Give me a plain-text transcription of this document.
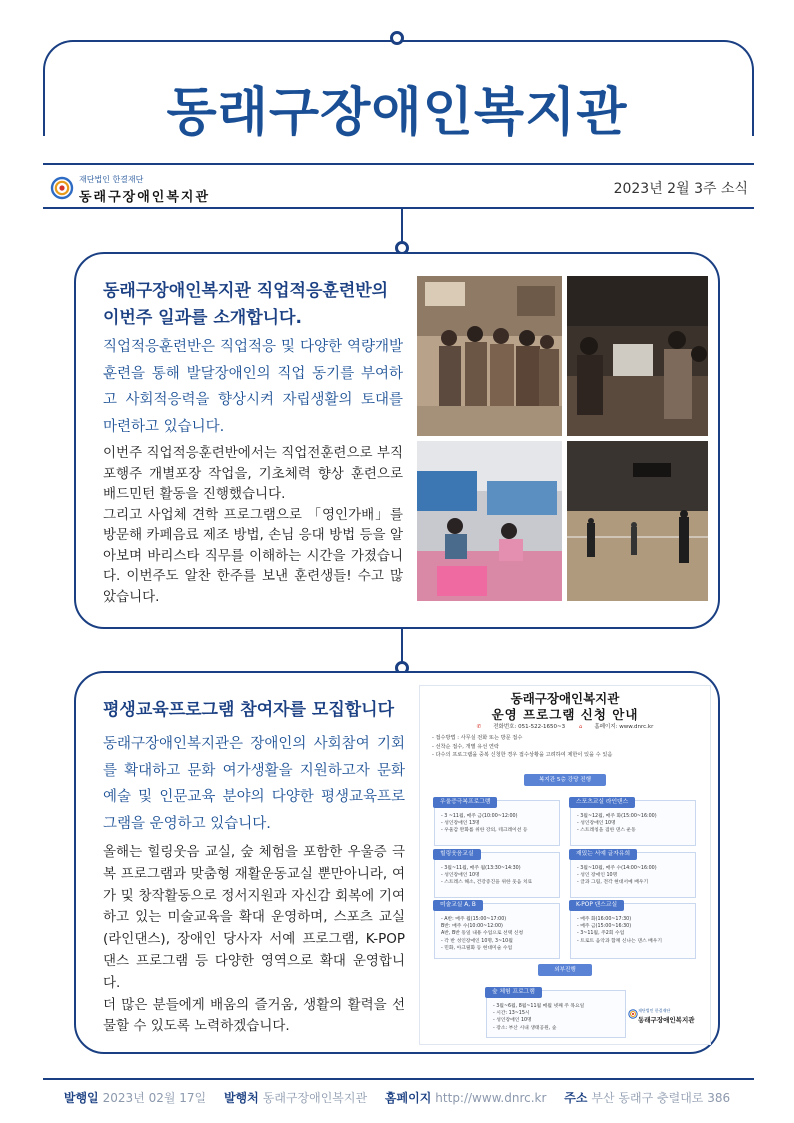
동래구장애인복지관
재단법인 한결재단
동래구장애인복지관
2023년 2월 3주 소식
동래구장애인복지관 직업적응훈련반의 이번주 일과를 소개합니다.
직업적응훈련반은 직업적응 및 다양한 역량개발훈련을 통해 발달장애인의 직업 동기를 부여하고 사회적응력을 향상시켜 자립생활의 토대를 마련하고 있습니다.
이번주 직업적응훈련반에서는 직업전훈련으로 부직포행주 개별포장 작업을, 기초체력 향상 훈련으로 배드민턴 활동을 진행했습니다.
그리고 사업체 견학 프로그램으로 「영인가배」를 방문해 카페음료 제조 방법, 손님 응대 방법 등을 알아보며 바리스타 직무를 이해하는 시간을 가졌습니다. 이번주도 알찬 한주를 보낸 훈련생들! 수고 많았습니다.
평생교육프로그램 참여자를 모집합니다
동래구장애인복지관은 장애인의 사회참여 기회를 확대하고 문화 여가생활을 지원하고자 문화예술 및 인문교육 분야의 다양한 평생교육프로그램을 운영하고 있습니다.
올해는 힐링웃음 교실, 숲 체험을 포함한 우울증 극복 프로그램과 맞춤형 재활운동교실 뿐만아니라, 여가 및 창작활동으로 정서지원과 자신감 회복에 기여하고 있는 미술교육을 확대 운영하며, 스포츠 교실(라인댄스), 장애인 당사자 서예 프로그램, K-POP 댄스 프로그램 등 다양한 영역으로 확대 운영합니다.
더 많은 분들에게 배움의 즐거움, 생활의 활력을 선물할 수 있도록 노력하겠습니다.
동래구장애인복지관
운영 프로그램 신청 안내
✆ 전화번호: 051-522-1650~3	⌂ 홈페이지: www.dnrc.kr
- 접수방법 : 사무실 전화 또는 방문 접수
- 선착순 접수, 개별 유선 연락
- 다수의 프로그램을 중복 신청한 경우 접수상황을 고려하여 제한이 있을 수 있음
복지관 5층 강당 진행
우울증극복프로그램
- 3 ~11월, 매주 금(10:00~12:00)
- 성인장애인 13명
- 우울감 완화를 위한 강의, 테크레이션 등
스포츠교실 라인댄스
- 3월~12월, 매주 화(15:00~16:00)
- 성인장애인 10명
- 스트레칭을 겸한 댄스 운동
힐링웃음교실
- 3월~11월, 매주 월(13:30~14:30)
- 성인장애인 10명
- 스트레스 해소, 건강증진을 위한 웃음 치료
재밌는 서예 글자유희
- 3월~10월, 매주 수(14:00~16:00)
- 성인 장애인 10명
- 글과 그림, 전각 현대서예 배우기
미술교실 A, B
- A반: 매주 월(15:00~17:00)
B반: 매주 수(10:00~12:00)
A반, B반 동일 내용 수업으로 선택 신청
- 각 반 성인장애인 10명, 3~10월
- 민화, 아크릴화 등 현대미술 수업
K-POP 댄스교실
- 매주 화(16:00~17:30)
- 매주 금(15:00~16:30)
- 3~11월, 주2회 수업
- 트로트 음악과 함께 신나는 댄스 배우기
외부진행
숲 체험 프로그램
- 3월~6월, 8월~11월 매월 넷째 주 목요일
- 시간: 13~15시
- 성인장애인 10명
- 장소: 부산 시내 생태공원, 숲
재단법인 한결재단
동래구장애인복지관
발행일 2023년 02월 17일 발행처 동래구장애인복지관 홈페이지 http://www.dnrc.kr 주소 부산 동래구 충렬대로 386
